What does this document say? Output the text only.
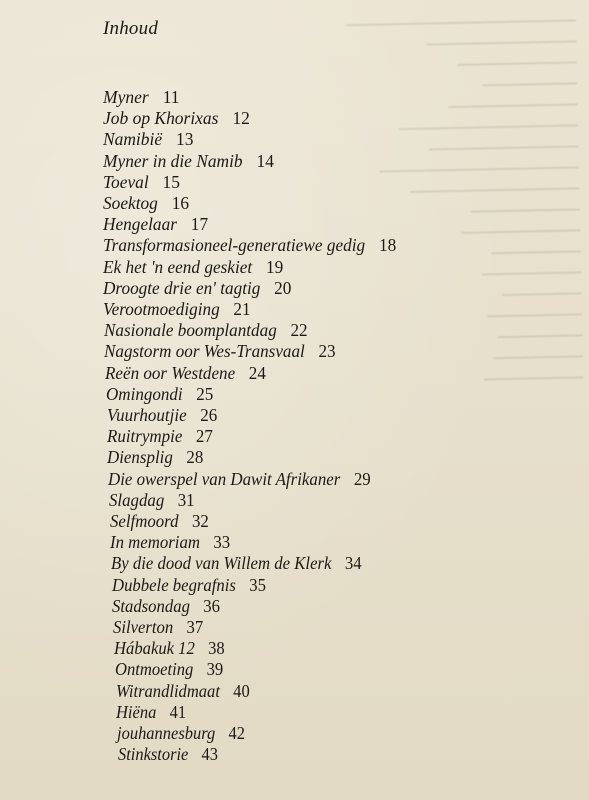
Inhoud
Myner 11
Job op Khorixas 12
Namibië 13
Myner in die Namib 14
Toeval 15
Soektog 16
Hengelaar 17
Transformasioneel-generatiewe gedig 18
Ek het 'n eend geskiet 19
Droogte drie en' tagtig 20
Verootmoediging 21
Nasionale boomplantdag 22
Nagstorm oor Wes-Transvaal 23
Reën oor Westdene 24
Omingondi 25
Vuurhoutjie 26
Ruitrympie 27
Diensplig 28
Die owerspel van Dawit Afrikaner 29
Slagdag 31
Selfmoord 32
In memoriam 33
By die dood van Willem de Klerk 34
Dubbele begrafnis 35
Stadsondag 36
Silverton 37
Hábakuk 12 38
Ontmoeting 39
Witrandlidmaat 40
Hiëna 41
jouhannesburg 42
Stinkstorie 43
